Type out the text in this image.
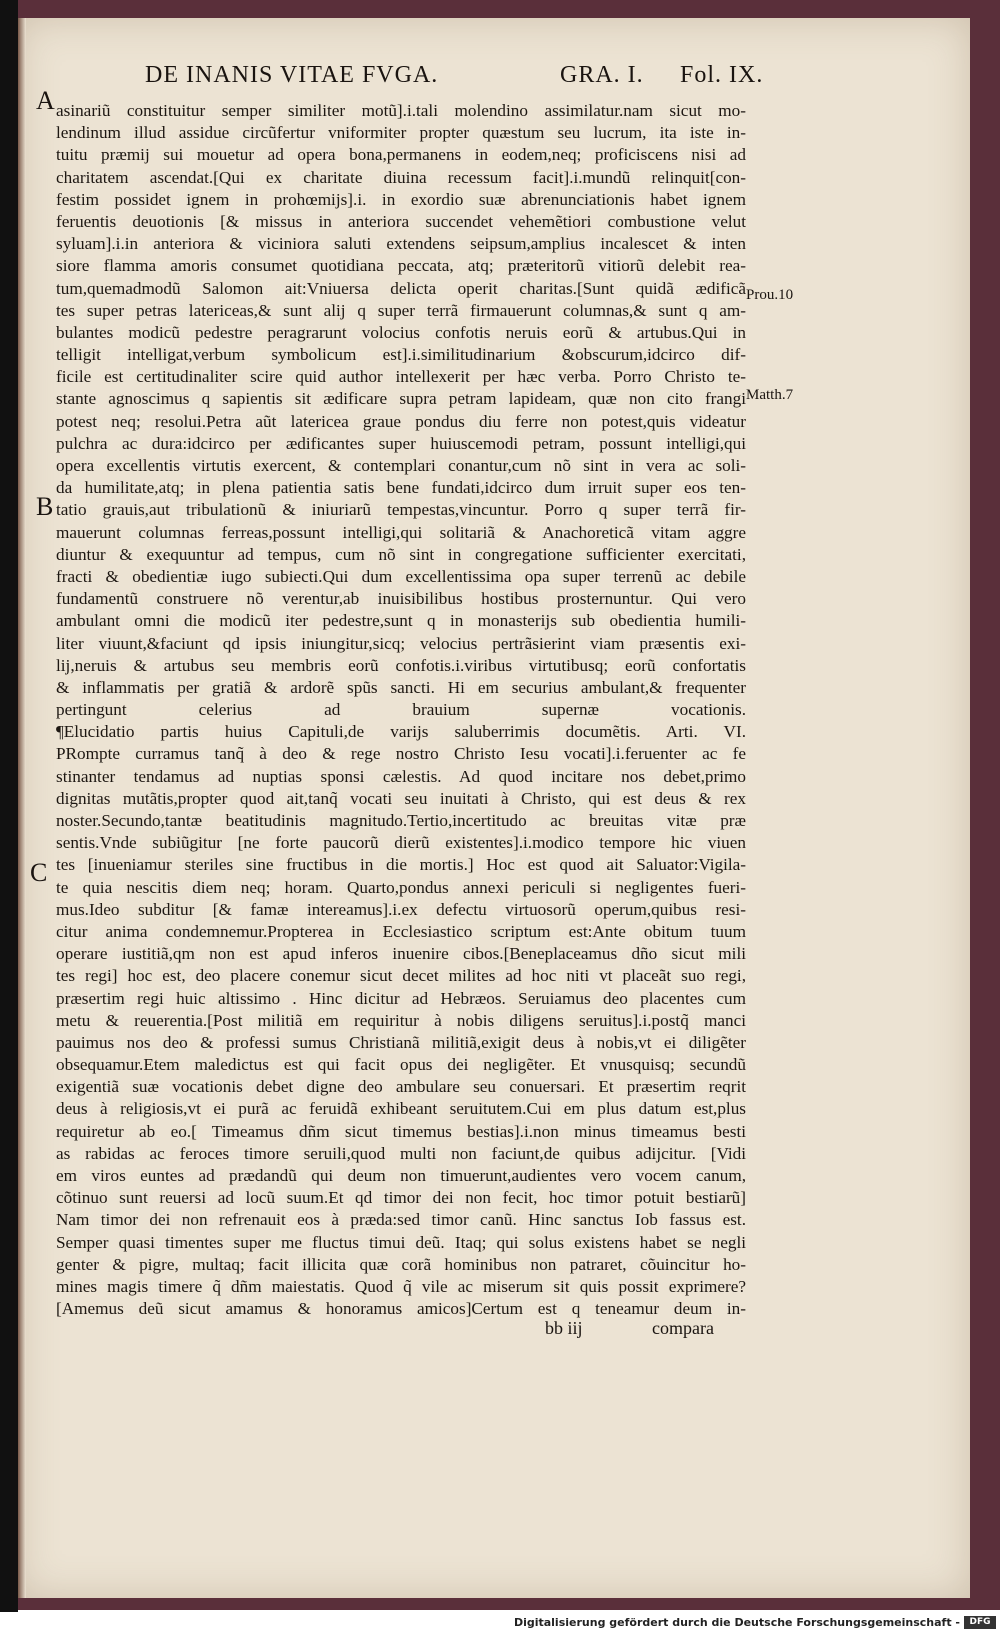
DE INANIS VITAE FVGA.	GRA. I. Fol. IX.
A
B
C
Prou.10
Matth.7
asinariũ constituitur semper similiter motũ].i.tali molendino assimilatur.nam sicut mo-
lendinum illud assidue circũfertur vniformiter propter quæstum seu lucrum, ita iste in-
tuitu præmij sui mouetur ad opera bona,permanens in eodem,neq; proficiscens nisi ad
charitatem ascendat.[Qui ex charitate diuina recessum facit].i.mundũ relinquit[con-
festim possidet ignem in prohœmijs].i. in exordio suæ abrenunciationis habet ignem
feruentis deuotionis [& missus in anteriora succendet vehemẽtiori combustione velut
syluam].i.in anteriora & viciniora saluti extendens seipsum,amplius incalescet & inten
siore flamma amoris consumet quotidiana peccata, atq; præteritorũ vitiorũ delebit rea-
tum,quemadmodũ Salomon ait:Vniuersa delicta operit charitas.[Sunt quidã ædificã
tes super petras latericeas,& sunt alij q super terrã firmauerunt columnas,& sunt q am-
bulantes modicũ pedestre peragrarunt volocius confotis neruis eorũ & artubus.Qui in
telligit intelligat,verbum symbolicum est].i.similitudinarium &obscurum,idcirco dif-
ficile est certitudinaliter scire quid author intellexerit per hæc verba. Porro Christo te-
stante agnoscimus q sapientis sit ædificare supra petram lapideam, quæ non cito frangi
potest neq; resolui.Petra aũt latericea graue pondus diu ferre non potest,quis videatur
pulchra ac dura:idcirco per ædificantes super huiuscemodi petram, possunt intelligi,qui
opera excellentis virtutis exercent, & contemplari conantur,cum nõ sint in vera ac soli-
da humilitate,atq; in plena patientia satis bene fundati,idcirco dum irruit super eos ten-
tatio grauis,aut tribulationũ & iniuriarũ tempestas,vincuntur. Porro q super terrã fir-
mauerunt columnas ferreas,possunt intelligi,qui solitariã & Anachoreticã vitam aggre
diuntur & exequuntur ad tempus, cum nõ sint in congregatione sufficienter exercitati,
fracti & obedientiæ iugo subiecti.Qui dum excellentissima opa super terrenũ ac debile
fundamentũ construere nõ verentur,ab inuisibilibus hostibus prosternuntur. Qui vero
ambulant omni die modicũ iter pedestre,sunt q in monasterijs sub obedientia humili-
liter viuunt,&faciunt qd ipsis iniungitur,sicq; velocius pertrãsierint viam præsentis exi-
lij,neruis & artubus seu membris eorũ confotis.i.viribus virtutibusq; eorũ confortatis
& inflammatis per gratiã & ardorẽ spũs sancti. Hi em securius ambulant,& frequenter
pertingunt celerius ad brauium supernæ vocationis.
¶Elucidatio partis huius Capituli,de varijs saluberrimis documẽtis. Arti. VI.
PRompte curramus tanq̃ à deo & rege nostro Christo Iesu vocati].i.feruenter ac fe
stinanter tendamus ad nuptias sponsi cælestis. Ad quod incitare nos debet,primo
dignitas mutãtis,propter quod ait,tanq̃ vocati seu inuitati à Christo, qui est deus & rex
noster.Secundo,tantæ beatitudinis magnitudo.Tertio,incertitudo ac breuitas vitæ præ
sentis.Vnde subiũgitur [ne forte paucorũ dierũ existentes].i.modico tempore hic viuen
tes [inueniamur steriles sine fructibus in die mortis.] Hoc est quod ait Saluator:Vigila-
te quia nescitis diem neq; horam. Quarto,pondus annexi periculi si negligentes fueri-
mus.Ideo subditur [& famæ intereamus].i.ex defectu virtuosorũ operum,quibus resi-
citur anima condemnemur.Propterea in Ecclesiastico scriptum est:Ante obitum tuum
operare iustitiã,qm non est apud inferos inuenire cibos.[Beneplaceamus dño sicut mili
tes regi] hoc est, deo placere conemur sicut decet milites ad hoc niti vt placeãt suo regi,
præsertim regi huic altissimo . Hinc dicitur ad Hebræos. Seruiamus deo placentes cum
metu & reuerentia.[Post militiã em requiritur à nobis diligens seruitus].i.postq̃ manci
pauimus nos deo & professi sumus Christianã militiã,exigit deus à nobis,vt ei diligẽter
obsequamur.Etem maledictus est qui facit opus dei negligẽter. Et vnusquisq; secundũ
exigentiã suæ vocationis debet digne deo ambulare seu conuersari. Et præsertim reqrit
deus à religiosis,vt ei purã ac feruidã exhibeant seruitutem.Cui em plus datum est,plus
requiretur ab eo.[ Timeamus dñm sicut timemus bestias].i.non minus timeamus besti
as rabidas ac feroces timore seruili,quod multi non faciunt,de quibus adijcitur. [Vidi
em viros euntes ad prædandũ qui deum non timuerunt,audientes vero vocem canum,
cõtinuo sunt reuersi ad locũ suum.Et qd timor dei non fecit, hoc timor potuit bestiarũ]
Nam timor dei non refrenauit eos à præda:sed timor canũ. Hinc sanctus Iob fassus est.
Semper quasi timentes super me fluctus timui deũ. Itaq; qui solus existens habet se negli
genter & pigre, multaq; facit illicita quæ corã hominibus non patraret, cõuincitur ho-
mines magis timere q̃ dñm maiestatis. Quod q̃ vile ac miserum sit quis possit exprimere?
[Amemus deũ sicut amamus & honoramus amicos]Certum est q teneamur deum in-
bb iij	compara
Digitalisierung gefördert durch die Deutsche Forschungsgemeinschaft -	DFG
